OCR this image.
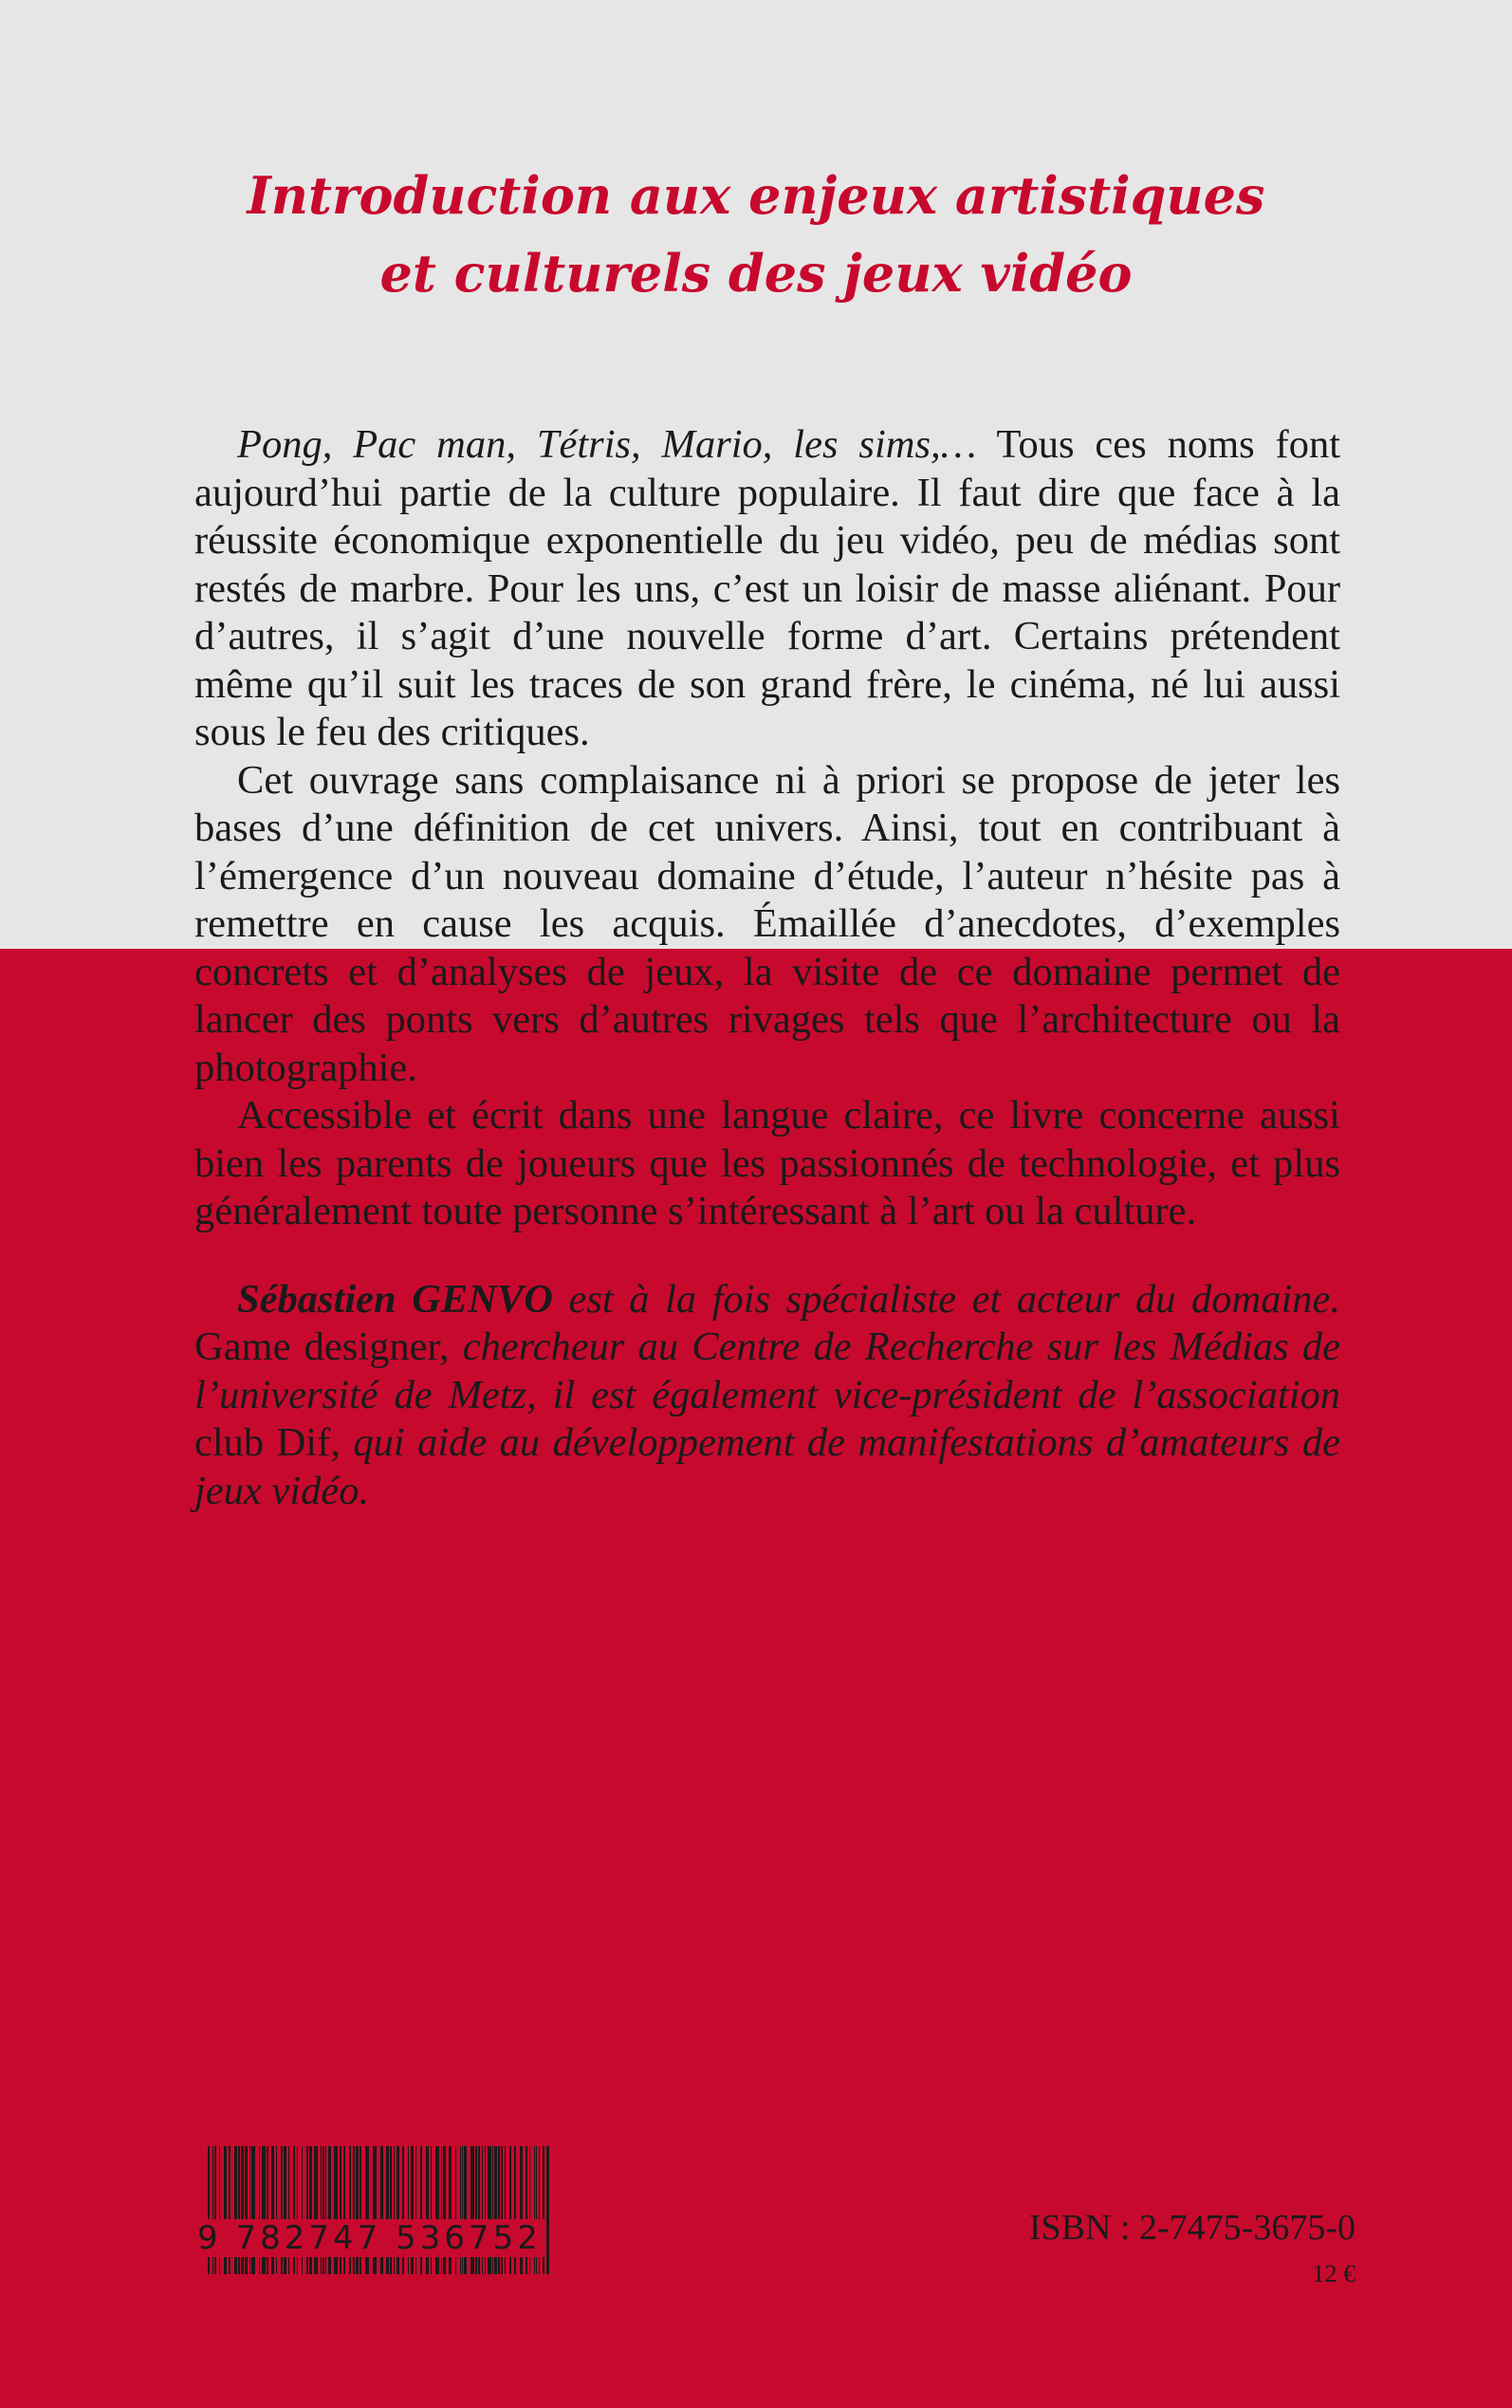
Introduction aux enjeux artistiques
et culturels des jeux vidéo

Pong, Pac man, Tétris, Mario, les sims,… Tous ces noms font aujourd’hui partie de la culture populaire. Il faut dire que face à la réussite économique exponentielle du jeu vidéo, peu de médias sont restés de marbre. Pour les uns, c’est un loisir de masse aliénant. Pour d’autres, il s’agit d’une nouvelle forme d’art. Certains prétendent même qu’il suit les traces de son grand frère, le cinéma, né lui aussi sous le feu des critiques.

Cet ouvrage sans complaisance ni à priori se propose de jeter les bases d’une définition de cet univers. Ainsi, tout en contribuant à l’émergence d’un nouveau domaine d’étude, l’auteur n’hésite pas à remettre en cause les acquis. Émaillée d’anecdotes, d’exemples concrets et d’analyses de jeux, la visite de ce domaine permet de lancer des ponts vers d’autres rivages tels que l’architecture ou la photographie.

Accessible et écrit dans une langue claire, ce livre concerne aussi bien les parents de joueurs que les passionnés de technologie, et plus généralement toute personne s’intéressant à l’art ou la culture.

Sébastien GENVO est à la fois spécialiste et acteur du domaine. Game designer, chercheur au Centre de Recherche sur les Médias de l’université de Metz, il est également vice-président de l’association club Dif, qui aide au développement de manifestations d’amateurs de jeux vidéo.

9 782747 536752	ISBN : 2-7475-3675-0
12 €
